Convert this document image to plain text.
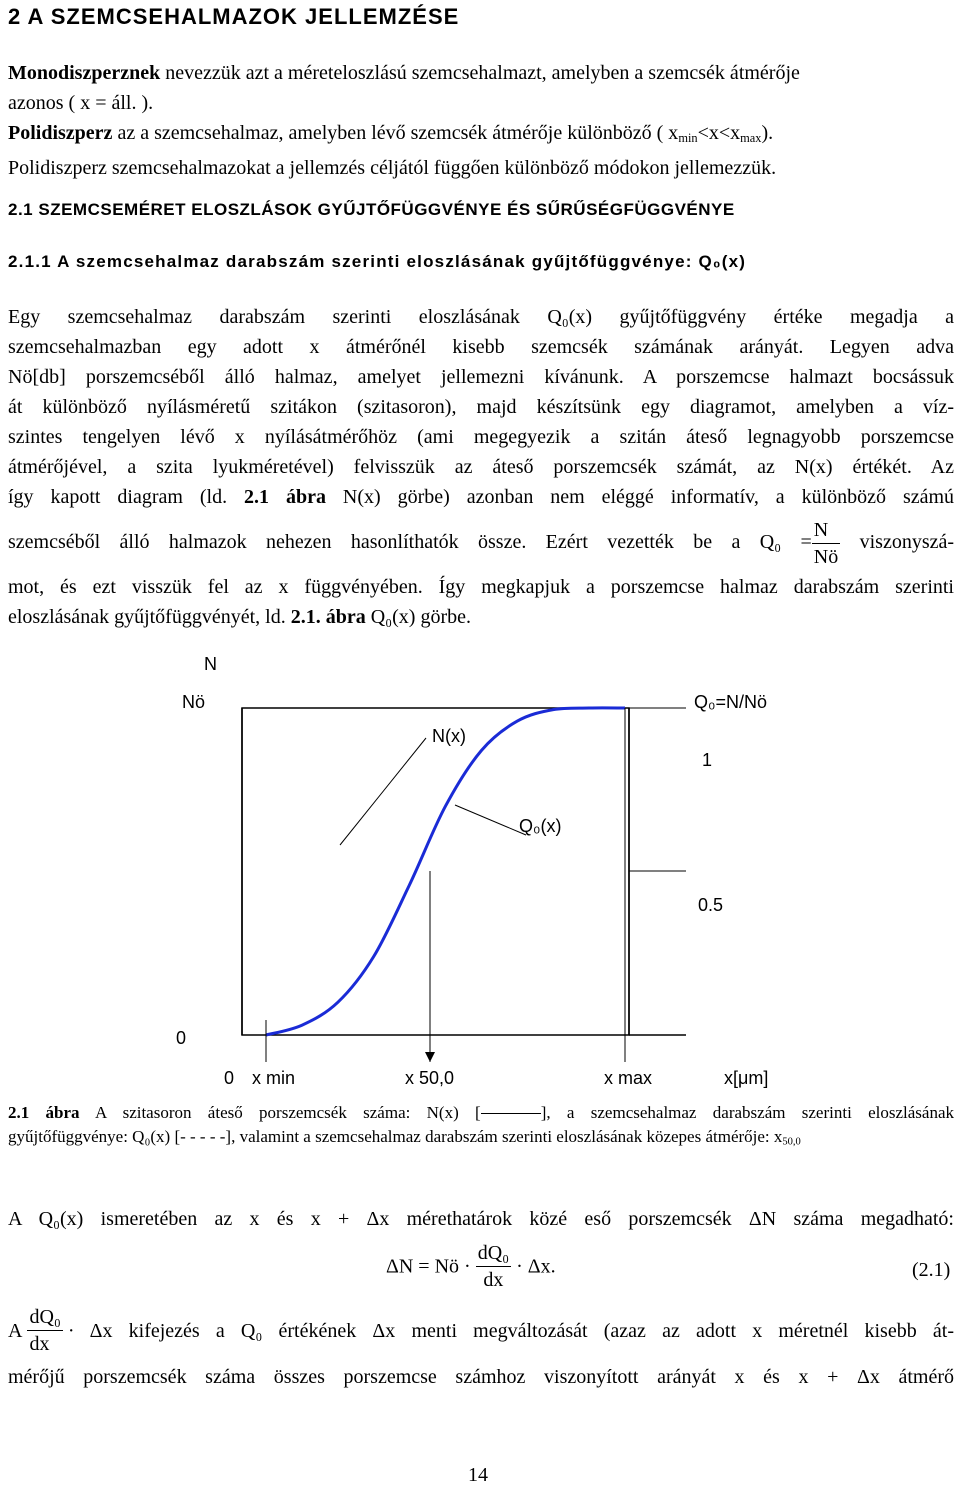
2 A SZEMCSEHALMAZOK JELLEMZÉSE
Monodiszperznek nevezzük azt a méreteloszlású szemcsehalmazt, amelyben a szemcsék átmérője
azonos ( x = áll. ).
Polidiszperz az a szemcsehalmaz, amelyben lévő szemcsék átmérője különböző ( xmin<x<xmax).
Polidiszperz szemcsehalmazokat a jellemzés céljától függően különböző módokon jellemezzük.
2.1 SZEMCSEMÉRET ELOSZLÁSOK GYŰJTŐFÜGGVÉNYE ÉS SŰRŰSÉGFÜGGVÉNYE
2.1.1 A szemcsehalmaz darabszám szerinti eloszlásának gyűjtőfüggvénye: Q₀(x)
Egy szemcsehalmaz darabszám szerinti eloszlásának Q₀(x) gyűjtőfüggvény értéke megadja a
szemcsehalmazban egy adott x átmérőnél kisebb szemcsék számának arányát. Legyen adva
Nö[db] porszemcséből álló halmaz, amelyet jellemezni kívánunk. A porszemcse halmazt bocsássuk
át különböző nyílásméretű szitákon (szitasoron), majd készítsünk egy diagramot, amelyben a víz-
szintes tengelyen lévő x nyílásátmérőhöz (ami megegyezik a szitán áteső legnagyobb porszemcse
átmérőjével, a szita lyukméretével) felvisszük az áteső porszemcsék számát, az N(x) értékét. Az
így kapott diagram (ld. 2.1 ábra N(x) görbe) azonban nem eléggé informatív, a különböző számú
szemcséből álló halmazok nehezen hasonlíthatók össze. Ezért vezették be a $Q_0 = \frac{N}{Nö}$ viszonyszá-
mot, és ezt visszük fel az x függvényében. Így megkapjuk a porszemcse halmaz darabszám szerinti
eloszlásának gyűjtőfüggvényét, ld. 2.1. ábra Q₀(x) görbe.
N
Nö
N(x)
Q₀(x)
Q₀=N/Nö
1
0.5
0
0 x min	x 50,0	x max	x[μm]
2.1 ábra A szitasoron áteső porszemcsék száma: N(x) [	], a szemcsehalmaz darabszám szerinti eloszlásának
gyűjtőfüggvénye: Q₀(x) [- - - - -], valamint a szemcsehalmaz darabszám szerinti eloszlásának közepes átmérője: x50,0
A Q₀(x) ismeretében az x és x + Δx mérethatárok közé eső porszemcsék ΔN száma megadható:
ΔN = Nö · $\frac{\text{dQ₀}}{dx} \cdot \Delta x$.	(2.1)
A
$\frac{\text{dQ₀}}{dx}$
· Δx kifejezés a Q₀ értékének Δx menti megváltozását (azaz az adott x méretnél kisebb át-
mérőjű porszemcsék száma összes porszemcse számhoz viszonyított arányát x és x + Δx átmérő
14
